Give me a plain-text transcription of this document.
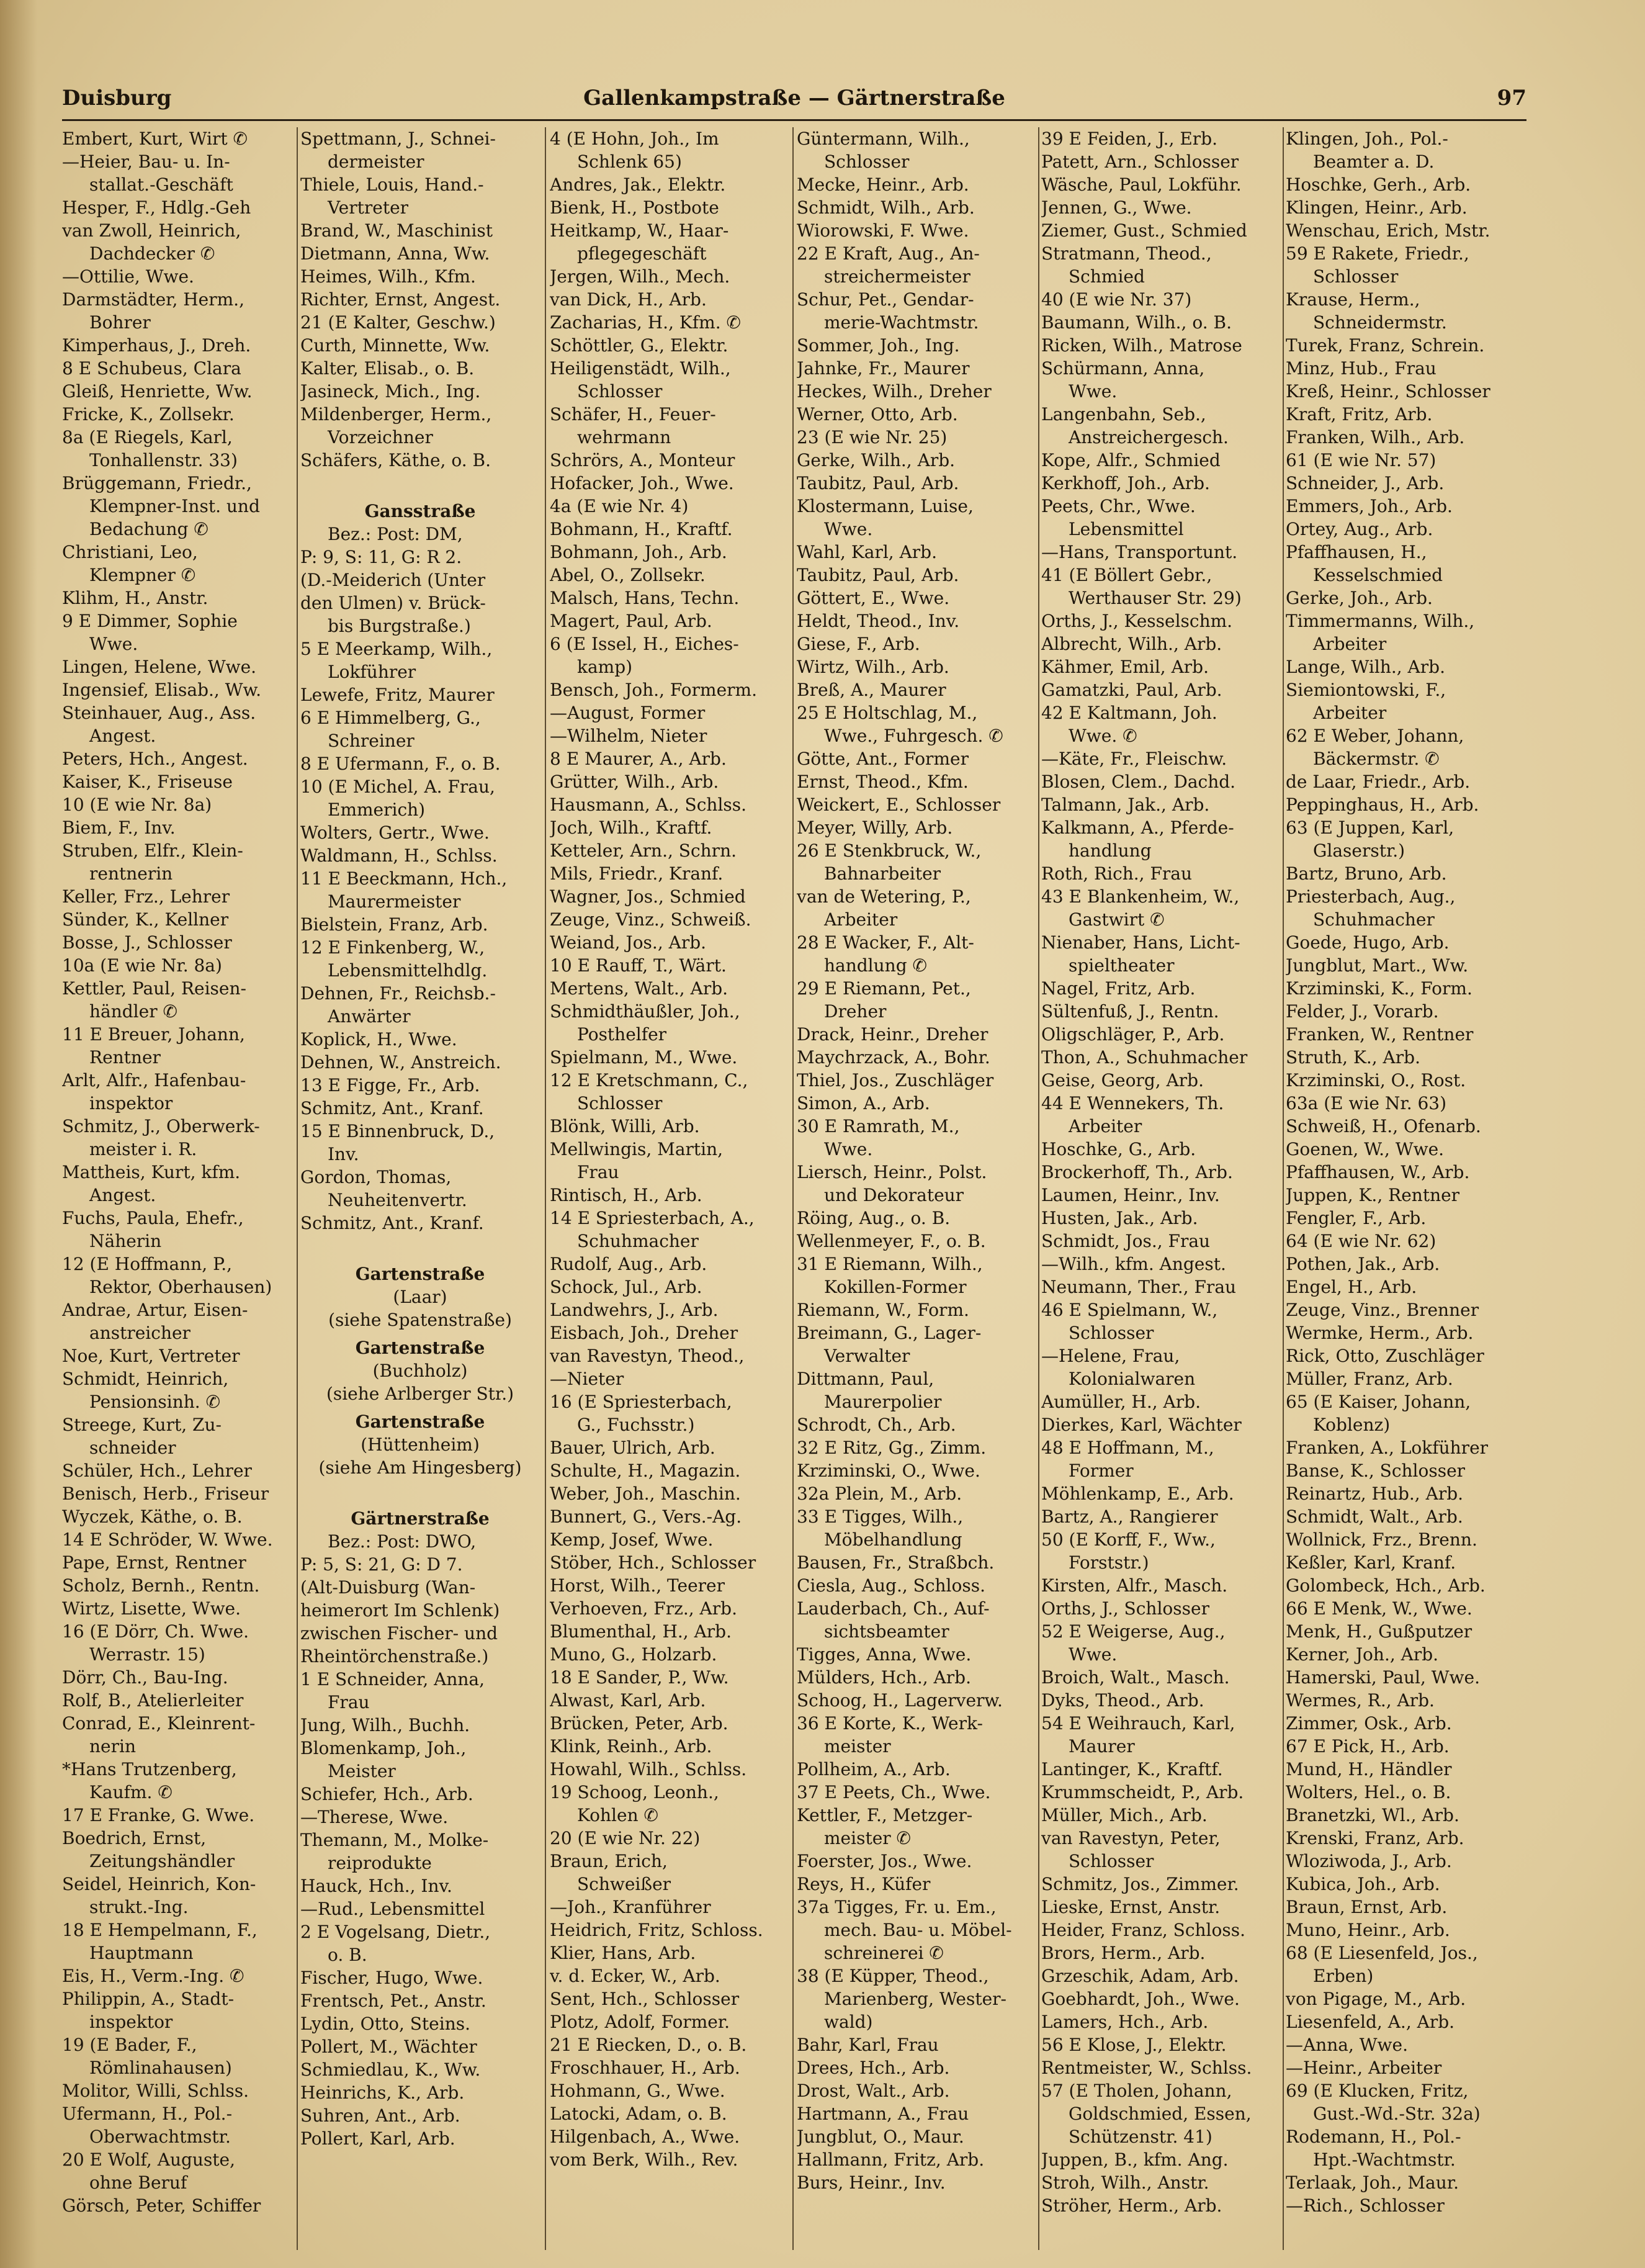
Duisburg	Gallenkampstraße — Gärtnerstraße	97
Embert, Kurt, Wirt ✆
—Heier, Bau- u. In-
stallat.-Geschäft
Hesper, F., Hdlg.-Geh
van Zwoll, Heinrich,
Dachdecker ✆
—Ottilie, Wwe.
Darmstädter, Herm.,
Bohrer
Kimperhaus, J., Dreh.
8 E Schubeus, Clara
Gleiß, Henriette, Ww.
Fricke, K., Zollsekr.
8a (E Riegels, Karl,
Tonhallenstr. 33)
Brüggemann, Friedr.,
Klempner-Inst. und
Bedachung ✆
Christiani, Leo,
Klempner ✆
Klihm, H., Anstr.
9 E Dimmer, Sophie
Wwe.
Lingen, Helene, Wwe.
Ingensief, Elisab., Ww.
Steinhauer, Aug., Ass.
Angest.
Peters, Hch., Angest.
Kaiser, K., Friseuse
10 (E wie Nr. 8a)
Biem, F., Inv.
Struben, Elfr., Klein-
rentnerin
Keller, Frz., Lehrer
Sünder, K., Kellner
Bosse, J., Schlosser
10a (E wie Nr. 8a)
Kettler, Paul, Reisen-
händler ✆
11 E Breuer, Johann,
Rentner
Arlt, Alfr., Hafenbau-
inspektor
Schmitz, J., Oberwerk-
meister i. R.
Mattheis, Kurt, kfm.
Angest.
Fuchs, Paula, Ehefr.,
Näherin
12 (E Hoffmann, P.,
Rektor, Oberhausen)
Andrae, Artur, Eisen-
anstreicher
Noe, Kurt, Vertreter
Schmidt, Heinrich,
Pensionsinh. ✆
Streege, Kurt, Zu-
schneider
Schüler, Hch., Lehrer
Benisch, Herb., Friseur
Wyczek, Käthe, o. B.
14 E Schröder, W. Wwe.
Pape, Ernst, Rentner
Scholz, Bernh., Rentn.
Wirtz, Lisette, Wwe.
16 (E Dörr, Ch. Wwe.
Werrastr. 15)
Dörr, Ch., Bau-Ing.
Rolf, B., Atelierleiter
Conrad, E., Kleinrent-
nerin
*Hans Trutzenberg,
Kaufm. ✆
17 E Franke, G. Wwe.
Boedrich, Ernst,
Zeitungshändler
Seidel, Heinrich, Kon-
strukt.-Ing.
18 E Hempelmann, F.,
Hauptmann
Eis, H., Verm.-Ing. ✆
Philippin, A., Stadt-
inspektor
19 (E Bader, F.,
Römlinahausen)
Molitor, Willi, Schlss.
Ufermann, H., Pol.-
Oberwachtmstr.
20 E Wolf, Auguste,
ohne Beruf
Görsch, Peter, Schiffer
Spettmann, J., Schnei-
dermeister
Thiele, Louis, Hand.-
Vertreter
Brand, W., Maschinist
Dietmann, Anna, Ww.
Heimes, Wilh., Kfm.
Richter, Ernst, Angest.
21 (E Kalter, Geschw.)
Curth, Minnette, Ww.
Kalter, Elisab., o. B.
Jasineck, Mich., Ing.
Mildenberger, Herm.,
Vorzeichner
Schäfers, Käthe, o. B.

Gansstraße
Bez.: Post: DM,
P: 9, S: 11, G: R 2.
(D.-Meiderich (Unter
den Ulmen) v. Brück-
bis Burgstraße.)
5 E Meerkamp, Wilh.,
Lokführer
Lewefe, Fritz, Maurer
6 E Himmelberg, G.,
Schreiner
8 E Ufermann, F., o. B.
10 (E Michel, A. Frau,
Emmerich)
Wolters, Gertr., Wwe.
Waldmann, H., Schlss.
11 E Beeckmann, Hch.,
Maurermeister
Bielstein, Franz, Arb.
12 E Finkenberg, W.,
Lebensmittelhdlg.
Dehnen, Fr., Reichsb.-
Anwärter
Koplick, H., Wwe.
Dehnen, W., Anstreich.
13 E Figge, Fr., Arb.
Schmitz, Ant., Kranf.
15 E Binnenbruck, D.,
Inv.
Gordon, Thomas,
Neuheitenvertr.
Schmitz, Ant., Kranf.

Gartenstraße
(Laar)
(siehe Spatenstraße)
Gartenstraße
(Buchholz)
(siehe Arlberger Str.)
Gartenstraße
(Hüttenheim)
(siehe Am Hingesberg)

Gärtnerstraße
Bez.: Post: DWO,
P: 5, S: 21, G: D 7.
(Alt-Duisburg (Wan-
heimerort Im Schlenk)
zwischen Fischer- und
Rheintörchenstraße.)
1 E Schneider, Anna,
Frau
Jung, Wilh., Buchh.
Blomenkamp, Joh.,
Meister
Schiefer, Hch., Arb.
—Therese, Wwe.
Themann, M., Molke-
reiprodukte
Hauck, Hch., Inv.
—Rud., Lebensmittel
2 E Vogelsang, Dietr.,
o. B.
Fischer, Hugo, Wwe.
Frentsch, Pet., Anstr.
Lydin, Otto, Steins.
Pollert, M., Wächter
Schmiedlau, K., Ww.
Heinrichs, K., Arb.
Suhren, Ant., Arb.
Pollert, Karl, Arb.
4 (E Hohn, Joh., Im
Schlenk 65)
Andres, Jak., Elektr.
Bienk, H., Postbote
Heitkamp, W., Haar-
pflegegeschäft
Jergen, Wilh., Mech.
van Dick, H., Arb.
Zacharias, H., Kfm. ✆
Schöttler, G., Elektr.
Heiligenstädt, Wilh.,
Schlosser
Schäfer, H., Feuer-
wehrmann
Schrörs, A., Monteur
Hofacker, Joh., Wwe.
4a (E wie Nr. 4)
Bohmann, H., Kraftf.
Bohmann, Joh., Arb.
Abel, O., Zollsekr.
Malsch, Hans, Techn.
Magert, Paul, Arb.
6 (E Issel, H., Eiches-
kamp)
Bensch, Joh., Formerm.
—August, Former
—Wilhelm, Nieter
8 E Maurer, A., Arb.
Grütter, Wilh., Arb.
Hausmann, A., Schlss.
Joch, Wilh., Kraftf.
Ketteler, Arn., Schrn.
Mils, Friedr., Kranf.
Wagner, Jos., Schmied
Zeuge, Vinz., Schweiß.
Weiand, Jos., Arb.
10 E Rauff, T., Wärt.
Mertens, Walt., Arb.
Schmidthäußler, Joh.,
Posthelfer
Spielmann, M., Wwe.
12 E Kretschmann, C.,
Schlosser
Blönk, Willi, Arb.
Mellwingis, Martin,
Frau
Rintisch, H., Arb.
14 E Spriesterbach, A.,
Schuhmacher
Rudolf, Aug., Arb.
Schock, Jul., Arb.
Landwehrs, J., Arb.
Eisbach, Joh., Dreher
van Ravestyn, Theod.,
—Nieter
16 (E Spriesterbach,
G., Fuchsstr.)
Bauer, Ulrich, Arb.
Schulte, H., Magazin.
Weber, Joh., Maschin.
Bunnert, G., Vers.-Ag.
Kemp, Josef, Wwe.
Stöber, Hch., Schlosser
Horst, Wilh., Teerer
Verhoeven, Frz., Arb.
Blumenthal, H., Arb.
Muno, G., Holzarb.
18 E Sander, P., Ww.
Alwast, Karl, Arb.
Brücken, Peter, Arb.
Klink, Reinh., Arb.
Howahl, Wilh., Schlss.
19 Schoog, Leonh.,
Kohlen ✆
20 (E wie Nr. 22)
Braun, Erich,
Schweißer
—Joh., Kranführer
Heidrich, Fritz, Schloss.
Klier, Hans, Arb.
v. d. Ecker, W., Arb.
Sent, Hch., Schlosser
Plotz, Adolf, Former.
21 E Riecken, D., o. B.
Froschhauer, H., Arb.
Hohmann, G., Wwe.
Latocki, Adam, o. B.
Hilgenbach, A., Wwe.
vom Berk, Wilh., Rev.
Güntermann, Wilh.,
Schlosser
Mecke, Heinr., Arb.
Schmidt, Wilh., Arb.
Wiorowski, F. Wwe.
22 E Kraft, Aug., An-
streichermeister
Schur, Pet., Gendar-
merie-Wachtmstr.
Sommer, Joh., Ing.
Jahnke, Fr., Maurer
Heckes, Wilh., Dreher
Werner, Otto, Arb.
23 (E wie Nr. 25)
Gerke, Wilh., Arb.
Taubitz, Paul, Arb.
Klostermann, Luise,
Wwe.
Wahl, Karl, Arb.
Taubitz, Paul, Arb.
Göttert, E., Wwe.
Heldt, Theod., Inv.
Giese, F., Arb.
Wirtz, Wilh., Arb.
Breß, A., Maurer
25 E Holtschlag, M.,
Wwe., Fuhrgesch. ✆
Götte, Ant., Former
Ernst, Theod., Kfm.
Weickert, E., Schlosser
Meyer, Willy, Arb.
26 E Stenkbruck, W.,
Bahnarbeiter
van de Wetering, P.,
Arbeiter
28 E Wacker, F., Alt-
handlung ✆
29 E Riemann, Pet.,
Dreher
Drack, Heinr., Dreher
Maychrzack, A., Bohr.
Thiel, Jos., Zuschläger
Simon, A., Arb.
30 E Ramrath, M.,
Wwe.
Liersch, Heinr., Polst.
und Dekorateur
Röing, Aug., o. B.
Wellenmeyer, F., o. B.
31 E Riemann, Wilh.,
Kokillen-Former
Riemann, W., Form.
Breimann, G., Lager-
Verwalter
Dittmann, Paul,
Maurerpolier
Schrodt, Ch., Arb.
32 E Ritz, Gg., Zimm.
Krziminski, O., Wwe.
32a Plein, M., Arb.
33 E Tigges, Wilh.,
Möbelhandlung
Bausen, Fr., Straßbch.
Ciesla, Aug., Schloss.
Lauderbach, Ch., Auf-
sichtsbeamter
Tigges, Anna, Wwe.
Mülders, Hch., Arb.
Schoog, H., Lagerverw.
36 E Korte, K., Werk-
meister
Pollheim, A., Arb.
37 E Peets, Ch., Wwe.
Kettler, F., Metzger-
meister ✆
Foerster, Jos., Wwe.
Reys, H., Küfer
37a Tigges, Fr. u. Em.,
mech. Bau- u. Möbel-
schreinerei ✆
38 (E Küpper, Theod.,
Marienberg, Wester-
wald)
Bahr, Karl, Frau
Drees, Hch., Arb.
Drost, Walt., Arb.
Hartmann, A., Frau
Jungblut, O., Maur.
Hallmann, Fritz, Arb.
Burs, Heinr., Inv.
39 E Feiden, J., Erb.
Patett, Arn., Schlosser
Wäsche, Paul, Lokführ.
Jennen, G., Wwe.
Ziemer, Gust., Schmied
Stratmann, Theod.,
Schmied
40 (E wie Nr. 37)
Baumann, Wilh., o. B.
Ricken, Wilh., Matrose
Schürmann, Anna,
Wwe.
Langenbahn, Seb.,
Anstreichergesch.
Kope, Alfr., Schmied
Kerkhoff, Joh., Arb.
Peets, Chr., Wwe.
Lebensmittel
—Hans, Transportunt.
41 (E Böllert Gebr.,
Werthauser Str. 29)
Orths, J., Kesselschm.
Albrecht, Wilh., Arb.
Kähmer, Emil, Arb.
Gamatzki, Paul, Arb.
42 E Kaltmann, Joh.
Wwe. ✆
—Käte, Fr., Fleischw.
Blosen, Clem., Dachd.
Talmann, Jak., Arb.
Kalkmann, A., Pferde-
handlung
Roth, Rich., Frau
43 E Blankenheim, W.,
Gastwirt ✆
Nienaber, Hans, Licht-
spieltheater
Nagel, Fritz, Arb.
Sültenfuß, J., Rentn.
Oligschläger, P., Arb.
Thon, A., Schuhmacher
Geise, Georg, Arb.
44 E Wennekers, Th.
Arbeiter
Hoschke, G., Arb.
Brockerhoff, Th., Arb.
Laumen, Heinr., Inv.
Husten, Jak., Arb.
Schmidt, Jos., Frau
—Wilh., kfm. Angest.
Neumann, Ther., Frau
46 E Spielmann, W.,
Schlosser
—Helene, Frau,
Kolonialwaren
Aumüller, H., Arb.
Dierkes, Karl, Wächter
48 E Hoffmann, M.,
Former
Möhlenkamp, E., Arb.
Bartz, A., Rangierer
50 (E Korff, F., Ww.,
Forststr.)
Kirsten, Alfr., Masch.
Orths, J., Schlosser
52 E Weigerse, Aug.,
Wwe.
Broich, Walt., Masch.
Dyks, Theod., Arb.
54 E Weihrauch, Karl,
Maurer
Lantinger, K., Kraftf.
Krummscheidt, P., Arb.
Müller, Mich., Arb.
van Ravestyn, Peter,
Schlosser
Schmitz, Jos., Zimmer.
Lieske, Ernst, Anstr.
Heider, Franz, Schloss.
Brors, Herm., Arb.
Grzeschik, Adam, Arb.
Goebhardt, Joh., Wwe.
Lamers, Hch., Arb.
56 E Klose, J., Elektr.
Rentmeister, W., Schlss.
57 (E Tholen, Johann,
Goldschmied, Essen,
Schützenstr. 41)
Juppen, B., kfm. Ang.
Stroh, Wilh., Anstr.
Ströher, Herm., Arb.
Klingen, Joh., Pol.-
Beamter a. D.
Hoschke, Gerh., Arb.
Klingen, Heinr., Arb.
Wenschau, Erich, Mstr.
59 E Rakete, Friedr.,
Schlosser
Krause, Herm.,
Schneidermstr.
Turek, Franz, Schrein.
Minz, Hub., Frau
Kreß, Heinr., Schlosser
Kraft, Fritz, Arb.
Franken, Wilh., Arb.
61 (E wie Nr. 57)
Schneider, J., Arb.
Emmers, Joh., Arb.
Ortey, Aug., Arb.
Pfaffhausen, H.,
Kesselschmied
Gerke, Joh., Arb.
Timmermanns, Wilh.,
Arbeiter
Lange, Wilh., Arb.
Siemiontowski, F.,
Arbeiter
62 E Weber, Johann,
Bäckermstr. ✆
de Laar, Friedr., Arb.
Peppinghaus, H., Arb.
63 (E Juppen, Karl,
Glaserstr.)
Bartz, Bruno, Arb.
Priesterbach, Aug.,
Schuhmacher
Goede, Hugo, Arb.
Jungblut, Mart., Ww.
Krziminski, K., Form.
Felder, J., Vorarb.
Franken, W., Rentner
Struth, K., Arb.
Krziminski, O., Rost.
63a (E wie Nr. 63)
Schweiß, H., Ofenarb.
Goenen, W., Wwe.
Pfaffhausen, W., Arb.
Juppen, K., Rentner
Fengler, F., Arb.
64 (E wie Nr. 62)
Pothen, Jak., Arb.
Engel, H., Arb.
Zeuge, Vinz., Brenner
Wermke, Herm., Arb.
Rick, Otto, Zuschläger
Müller, Franz, Arb.
65 (E Kaiser, Johann,
Koblenz)
Franken, A., Lokführer
Banse, K., Schlosser
Reinartz, Hub., Arb.
Schmidt, Walt., Arb.
Wollnick, Frz., Brenn.
Keßler, Karl, Kranf.
Golombeck, Hch., Arb.
66 E Menk, W., Wwe.
Menk, H., Gußputzer
Kerner, Joh., Arb.
Hamerski, Paul, Wwe.
Wermes, R., Arb.
Zimmer, Osk., Arb.
67 E Pick, H., Arb.
Mund, H., Händler
Wolters, Hel., o. B.
Branetzki, Wl., Arb.
Krenski, Franz, Arb.
Wloziwoda, J., Arb.
Kubica, Joh., Arb.
Braun, Ernst, Arb.
Muno, Heinr., Arb.
68 (E Liesenfeld, Jos.,
Erben)
von Pigage, M., Arb.
Liesenfeld, A., Arb.
—Anna, Wwe.
—Heinr., Arbeiter
69 (E Klucken, Fritz,
Gust.-Wd.-Str. 32a)
Rodemann, H., Pol.-
Hpt.-Wachtmstr.
Terlaak, Joh., Maur.
—Rich., Schlosser
